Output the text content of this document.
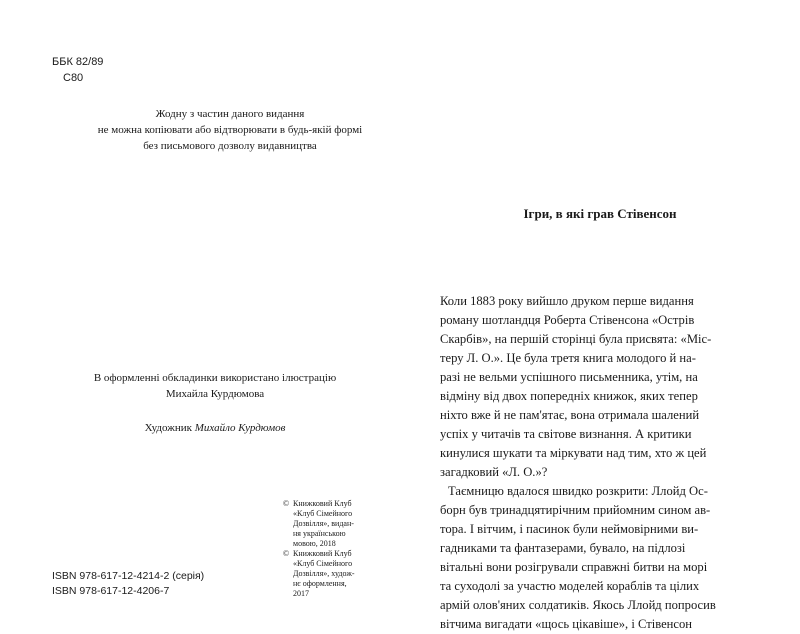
ББК 82/89
С80
Жодну з частин даного видання
не можна копіювати або відтворювати в будь-якій формі
без письмового дозволу видавництва
В оформленні обкладинки використано ілюстрацію
Михайла Курдюмова
Художник Михайло Курдюмов
© Книжковий Клуб
«Клуб Сімейного
Дозвілля», видан-
ня українською
мовою, 2018
© Книжковий Клуб
«Клуб Сімейного
Дозвілля», худож-
нє оформлення,
2017
ISBN 978-617-12-4214-2 (серія)
ISBN 978-617-12-4206-7
Ігри, в які грав Стівенсон
Коли 1883 року вийшло друком перше видання
роману шотландця Роберта Стівенсона «Острів
Скарбів», на першій сторінці була присвята: «Міс-
теру Л. О.». Це була третя книга молодого й на-
разі не вельми успішного письменника, утім, на
відміну від двох попередніх книжок, яких тепер
ніхто вже й не пам'ятає, вона отримала шалений
успіх у читачів та світове визнання. А критики
кинулися шукати та міркувати над тим, хто ж цей
загадковий «Л. О.»?
Таємницю вдалося швидко розкрити: Ллойд Ос-
борн був тринадцятирічним прийомним сином ав-
тора. І вітчим, і пасинок були неймовірними ви-
гадниками та фантазерами, бувало, на підлозі
вітальні вони розігрували справжні битви на морі
та суходолі за участю моделей кораблів та цілих
армій олов'яних солдатиків. Якось Ллойд попросив
вітчима вигадати «щось цікавіше», і Стівенсон
